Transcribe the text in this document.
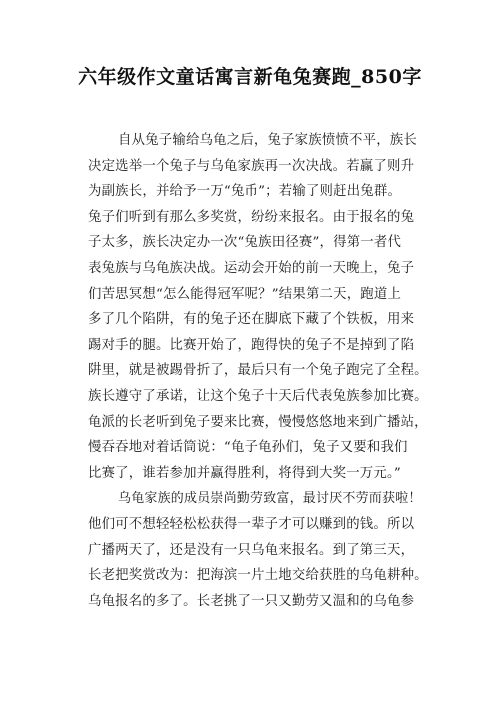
六年级作文童话寓言新龟兔赛跑_850字
自从兔子输给乌龟之后，兔子家族愤愤不平，族长
决定选举一个兔子与乌龟家族再一次决战。若赢了则升
为副族长，并给予一万“兔币”；若输了则赶出兔群。
兔子们听到有那么多奖赏，纷纷来报名。由于报名的兔
子太多，族长决定办一次“兔族田径赛”，得第一者代
表兔族与乌龟族决战。运动会开始的前一天晚上，兔子
们苦思冥想“怎么能得冠军呢？”结果第二天，跑道上
多了几个陷阱，有的兔子还在脚底下藏了个铁板，用来
踢对手的腿。比赛开始了，跑得快的兔子不是掉到了陷
阱里，就是被踢骨折了，最后只有一个兔子跑完了全程。
族长遵守了承诺，让这个兔子十天后代表兔族参加比赛。
龟派的长老听到兔子要来比赛，慢慢悠悠地来到广播站，
慢吞吞地对着话筒说：“龟子龟孙们，兔子又要和我们
比赛了，谁若参加并赢得胜利，将得到大奖一万元。”
乌龟家族的成员崇尚勤劳致富，最讨厌不劳而获啦！
他们可不想轻轻松松获得一辈子才可以赚到的钱。所以
广播两天了，还是没有一只乌龟来报名。到了第三天，
长老把奖赏改为：把海滨一片土地交给获胜的乌龟耕种。
乌龟报名的多了。长老挑了一只又勤劳又温和的乌龟参
